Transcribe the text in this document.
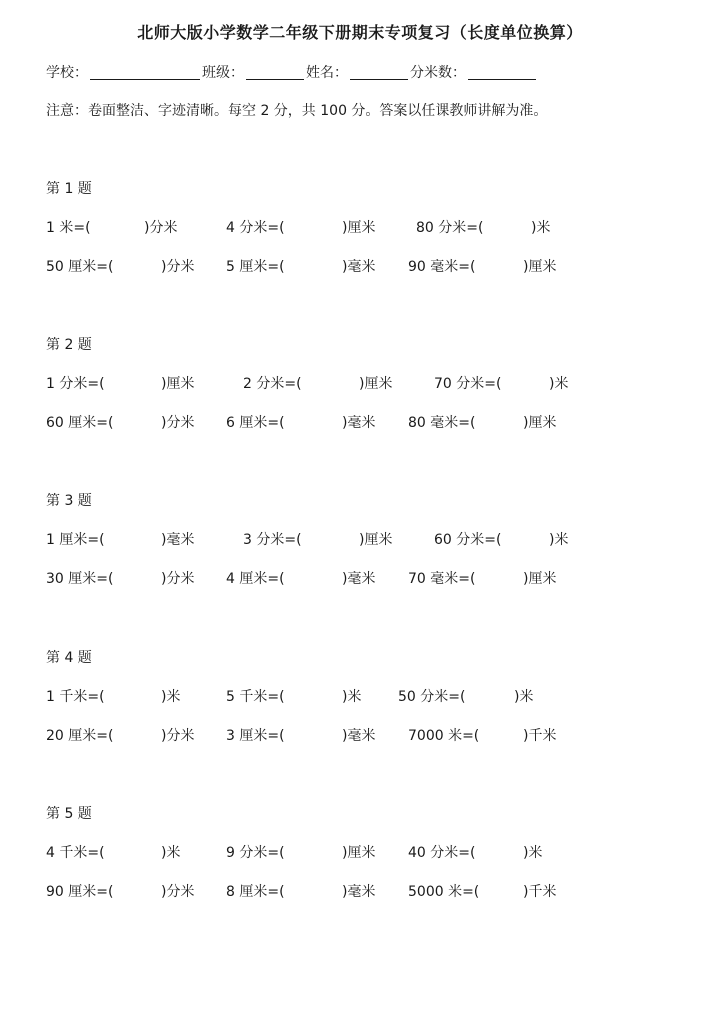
北师大版小学数学二年级下册期末专项复习（长度单位换算）
学校：	班级：	姓名：	分米数：
注意：卷面整洁、字迹清晰。每空 2 分，共 100 分。答案以任课教师讲解为准。
第 1 题
1 米=(	)分米	4 分米=(	)厘米	80 分米=(	)米
50 厘米=(	)分米 5 厘米=(	)毫米 90 毫米=(	)厘米
第 2 题
1 分米=(	)厘米	2 分米=(	)厘米	70 分米=(	)米
60 厘米=(	)分米 6 厘米=(	)毫米 80 毫米=(	)厘米
第 3 题
1 厘米=(	)毫米	3 分米=(	)厘米	60 分米=(	)米
30 厘米=(	)分米 4 厘米=(	)毫米 70 毫米=(	)厘米
第 4 题
1 千米=(	)米	5 千米=(	)米	50 分米=(	)米
20 厘米=(	)分米 3 厘米=(	)毫米 7000 米=(	)千米
第 5 题
4 千米=(	)米	9 分米=(	)厘米 40 分米=(	)米
90 厘米=(	)分米 8 厘米=(	)毫米 5000 米=(	)千米
